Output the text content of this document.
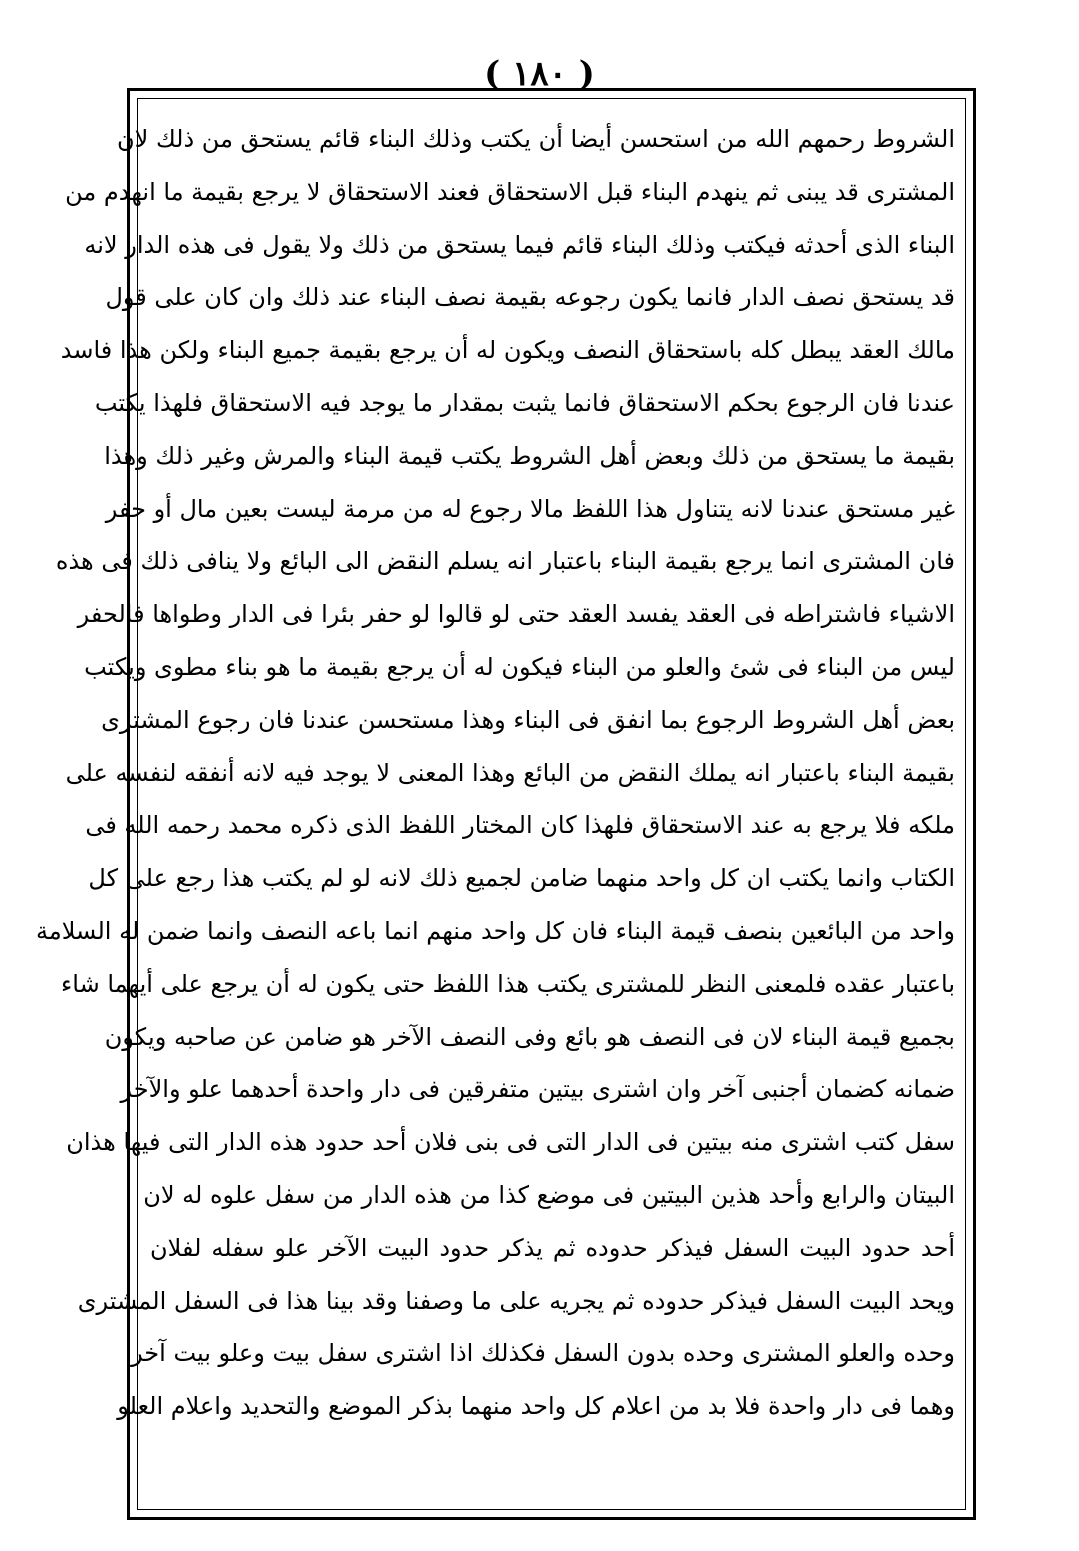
( ١٨٠ )
الشروط رحمهم الله من استحسن أيضا أن يكتب وذلك البناء قائم يستحق من ذلك لان
المشترى قد يبنى ثم ينهدم البناء قبل الاستحقاق فعند الاستحقاق لا يرجع بقيمة ما انهدم من
البناء الذى أحدثه فيكتب وذلك البناء قائم فيما يستحق من ذلك ولا يقول فى هذه الدار لانه
قد يستحق نصف الدار فانما يكون رجوعه بقيمة نصف البناء عند ذلك وان كان على قول
مالك العقد يبطل كله باستحقاق النصف ويكون له أن يرجع بقيمة جميع البناء ولكن هذا فاسد
عندنا فان الرجوع بحكم الاستحقاق فانما يثبت بمقدار ما يوجد فيه الاستحقاق فلهذا يكتب
بقيمة ما يستحق من ذلك وبعض أهل الشروط يكتب قيمة البناء والمرش وغير ذلك وهذا
غير مستحق عندنا لانه يتناول هذا اللفظ مالا رجوع له من مرمة ليست بعين مال أو حفر
فان المشترى انما يرجع بقيمة البناء باعتبار انه يسلم النقض الى البائع ولا ينافى ذلك فى هذه
الاشياء فاشتراطه فى العقد يفسد العقد حتى لو قالوا لو حفر بئرا فى الدار وطواها فالحفر
ليس من البناء فى شئ والعلو من البناء فيكون له أن يرجع بقيمة ما هو بناء مطوى ويكتب
بعض أهل الشروط الرجوع بما انفق فى البناء وهذا مستحسن عندنا فان رجوع المشترى
بقيمة البناء باعتبار انه يملك النقض من البائع وهذا المعنى لا يوجد فيه لانه أنفقه لنفسه على
ملكه فلا يرجع به عند الاستحقاق فلهذا كان المختار اللفظ الذى ذكره محمد رحمه الله فى
الكتاب وانما يكتب ان كل واحد منهما ضامن لجميع ذلك لانه لو لم يكتب هذا رجع على كل
واحد من البائعين بنصف قيمة البناء فان كل واحد منهم انما باعه النصف وانما ضمن له السلامة
باعتبار عقده فلمعنى النظر للمشترى يكتب هذا اللفظ حتى يكون له أن يرجع على أيهما شاء
بجميع قيمة البناء لان فى النصف هو بائع وفى النصف الآخر هو ضامن عن صاحبه ويكون
ضمانه كضمان أجنبى آخر وان اشترى بيتين متفرقين فى دار واحدة أحدهما علو والآخر
سفل كتب اشترى منه بيتين فى الدار التى فى بنى فلان أحد حدود هذه الدار التى فيها هذان
البيتان والرابع وأحد هذين البيتين فى موضع كذا من هذه الدار من سفل علوه له لان
أحد حدود البيت السفل فيذكر حدوده ثم يذكر حدود البيت الآخر علو سفله لفلان
ويحد البيت السفل فيذكر حدوده ثم يجريه على ما وصفنا وقد بينا هذا فى السفل المشترى
وحده والعلو المشترى وحده بدون السفل فكذلك اذا اشترى سفل بيت وعلو بيت آخر
وهما فى دار واحدة فلا بد من اعلام كل واحد منهما بذكر الموضع والتحديد واعلام العلو
